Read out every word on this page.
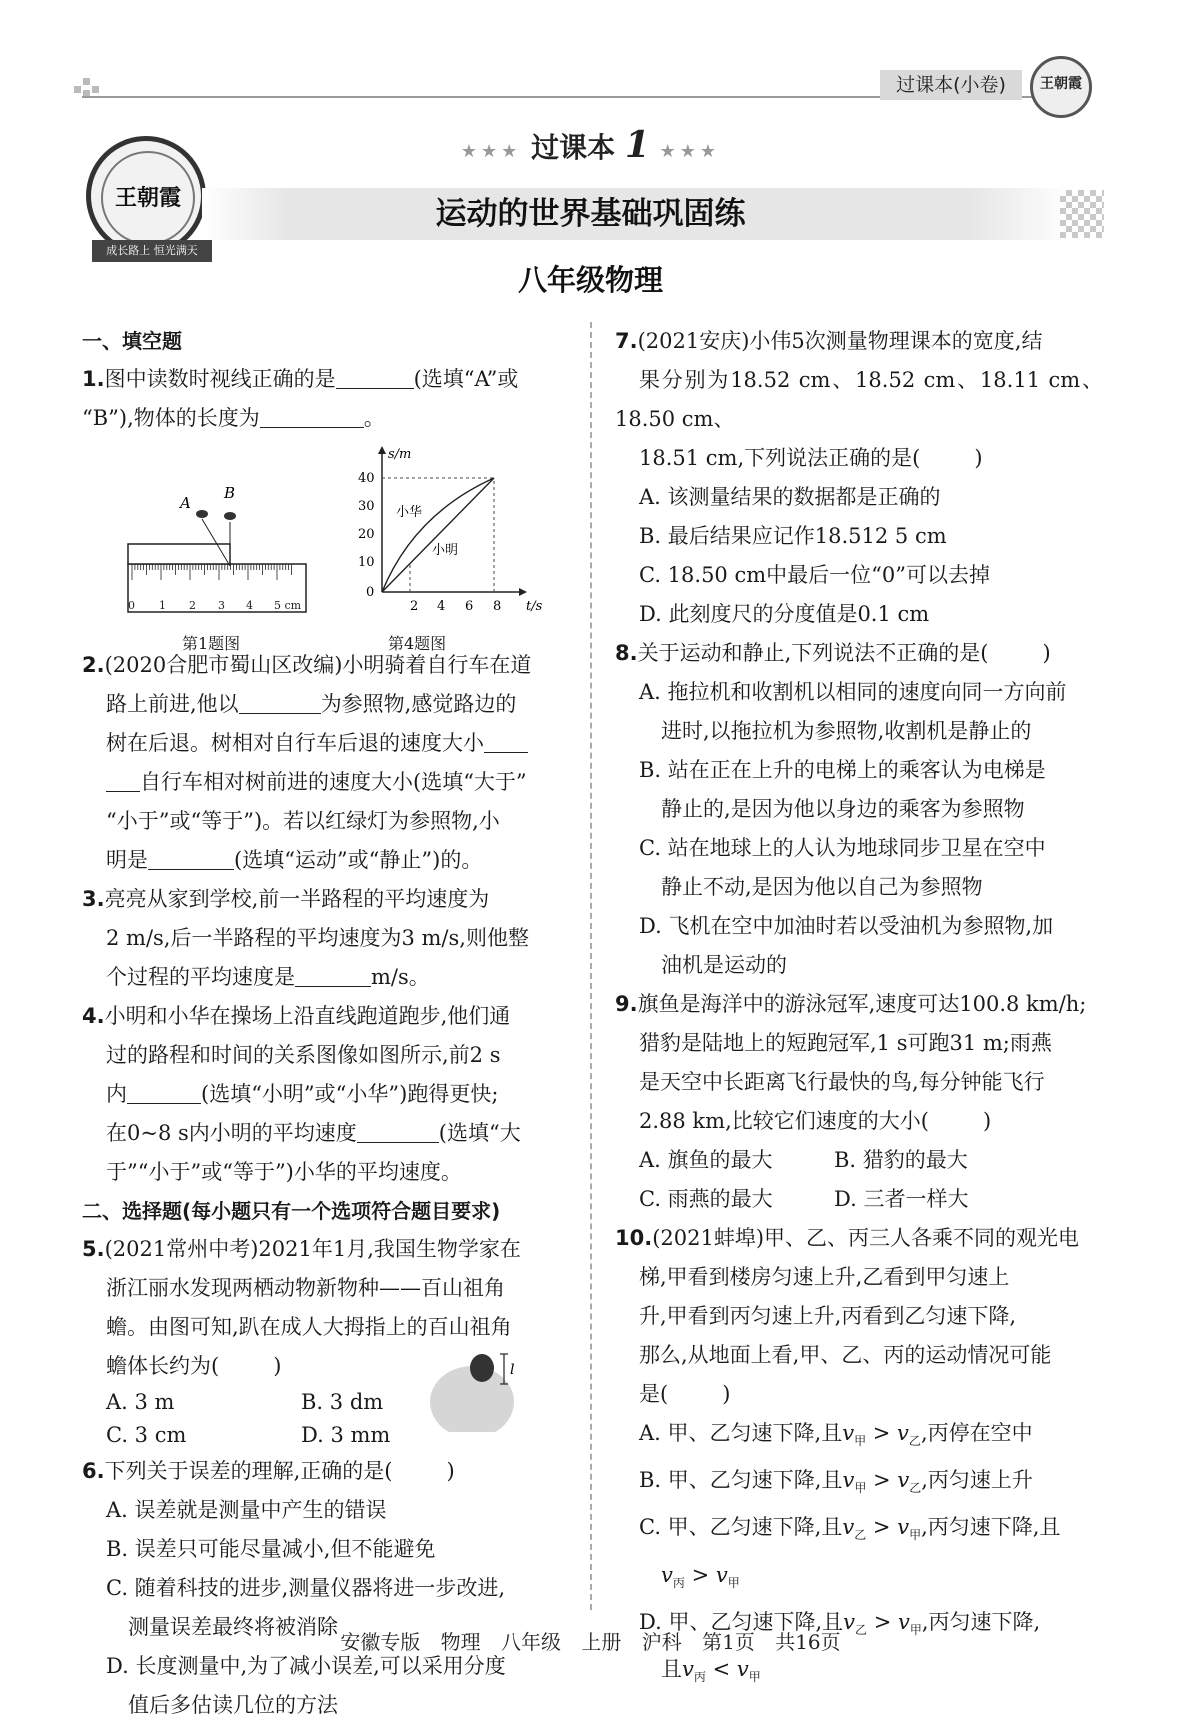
过课本(小卷)	王朝霞
王朝霞
成长路上 恒光满天
★★★ 过课本 1 ★★★
运动的世界基础巩固练
八年级物理
一、填空题
1.图中读数时视线正确的是	(选填“A”或
“B”),物体的长度为	。
0 1 2 3 4 5 cm
A
B
第1题图
s/m
t/s
40
30
20
10
0
2 4 6 8
小华
小明
第4题图
2.(2020合肥市蜀山区改编)小明骑着自行车在道
路上前进,他以	为参照物,感觉路边的
树在后退。树相对自行车后退的速度大小
自行车相对树前进的速度大小(选填“大于”
“小于”或“等于”)。若以红绿灯为参照物,小
明是	(选填“运动”或“静止”)的。
3.亮亮从家到学校,前一半路程的平均速度为
2 m/s,后一半路程的平均速度为3 m/s,则他整
个过程的平均速度是	m/s。
4.小明和小华在操场上沿直线跑道跑步,他们通
过的路程和时间的关系图像如图所示,前2 s
内	(选填“小明”或“小华”)跑得更快;
在0~8 s内小明的平均速度	(选填“大
于”“小于”或“等于”)小华的平均速度。
二、选择题(每小题只有一个选项符合题目要求)
5.(2021常州中考)2021年1月,我国生物学家在
浙江丽水发现两栖动物新物种——百山祖角
蟾。由图可知,趴在成人大拇指上的百山祖角
蟾体长约为(	)	l
A. 3 m	B. 3 dm
C. 3 cm	D. 3 mm
6.下列关于误差的理解,正确的是(	)
A. 误差就是测量中产生的错误
B. 误差只可能尽量减小,但不能避免
C. 随着科技的进步,测量仪器将进一步改进,
测量误差最终将被消除
D. 长度测量中,为了减小误差,可以采用分度
值后多估读几位的方法
7.(2021安庆)小伟5次测量物理课本的宽度,结
果分别为18.52 cm、18.52 cm、18.11 cm、18.50 cm、
18.51 cm,下列说法正确的是(	)
A. 该测量结果的数据都是正确的
B. 最后结果应记作18.512 5 cm
C. 18.50 cm中最后一位“0”可以去掉
D. 此刻度尺的分度值是0.1 cm
8.关于运动和静止,下列说法不正确的是(	)
A. 拖拉机和收割机以相同的速度向同一方向前
进时,以拖拉机为参照物,收割机是静止的
B. 站在正在上升的电梯上的乘客认为电梯是
静止的,是因为他以身边的乘客为参照物
C. 站在地球上的人认为地球同步卫星在空中
静止不动,是因为他以自己为参照物
D. 飞机在空中加油时若以受油机为参照物,加
油机是运动的
9.旗鱼是海洋中的游泳冠军,速度可达100.8 km/h;
猎豹是陆地上的短跑冠军,1 s可跑31 m;雨燕
是天空中长距离飞行最快的鸟,每分钟能飞行
2.88 km,比较它们速度的大小(	)
A. 旗鱼的最大	B. 猎豹的最大
C. 雨燕的最大	D. 三者一样大
10.(2021蚌埠)甲、乙、丙三人各乘不同的观光电
梯,甲看到楼房匀速上升,乙看到甲匀速上
升,甲看到丙匀速上升,丙看到乙匀速下降,
那么,从地面上看,甲、乙、丙的运动情况可能
是(	)
A. 甲、乙匀速下降,且$v_甲 > v_乙$,丙停在空中
B. 甲、乙匀速下降,且$v_甲 > v_乙$,丙匀速上升
C. 甲、乙匀速下降,且$v_乙 > v_甲$,丙匀速下降,且
$v_丙 > v_甲$
D. 甲、乙匀速下降,且$v_乙 > v_甲$,丙匀速下降,
且$v_丙 < v_甲$
安徽专版 物理 八年级 上册 沪科 第1页 共16页
